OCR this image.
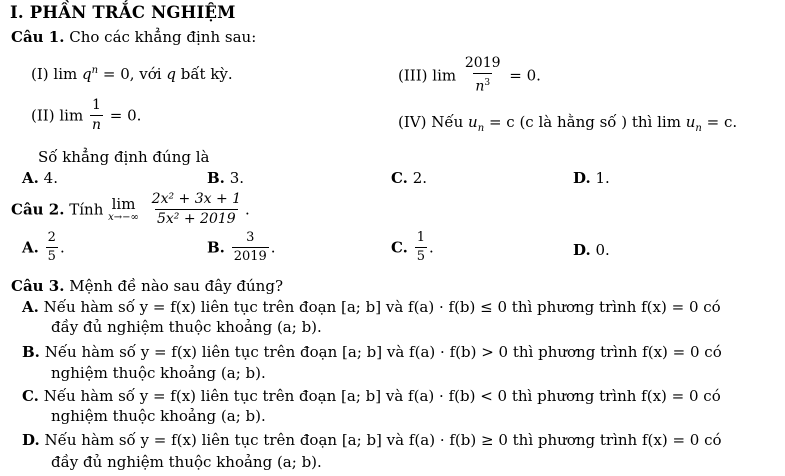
I. PHẦN TRẮC NGHIỆM
Câu 1. Cho các khẳng định sau:
(I) $\lim q^n = 0$, với q bất kỳ.	(III) $\lim \frac{2019}{n^3} = 0$.
(II) $\lim \frac{1}{n} = 0$.	(IV) Nếu $u_n = c$ (c là hằng số ) thì $\lim u_n = c$.
Số khẳng định đúng là
A. 4.	B. 3.	C. 2.	D. 1.
Câu 2. Tính lim
x→−∞
$\frac{\text{2x² + 3x + 1}}{\text{5x² + 2019}}$ .
A. $\frac{2}{5}$ .	B. $\frac{3}{2019}$ .	C. $\frac{1}{5}$ .	D. 0.
Câu 3. Mệnh đề nào sau đây đúng?
A. Nếu hàm số y = f(x) liên tục trên đoạn [a; b] và f(a) · f(b) ≤ 0 thì phương trình f(x) = 0 có
đầy đủ nghiệm thuộc khoảng (a; b).
B. Nếu hàm số y = f(x) liên tục trên đoạn [a; b] và f(a) · f(b) > 0 thì phương trình f(x) = 0 có
nghiệm thuộc khoảng (a; b).
C. Nếu hàm số y = f(x) liên tục trên đoạn [a; b] và f(a) · f(b) < 0 thì phương trình f(x) = 0 có
nghiệm thuộc khoảng (a; b).
D. Nếu hàm số y = f(x) liên tục trên đoạn [a; b] và f(a) · f(b) ≥ 0 thì phương trình f(x) = 0 có
đầy đủ nghiệm thuộc khoảng (a; b).
